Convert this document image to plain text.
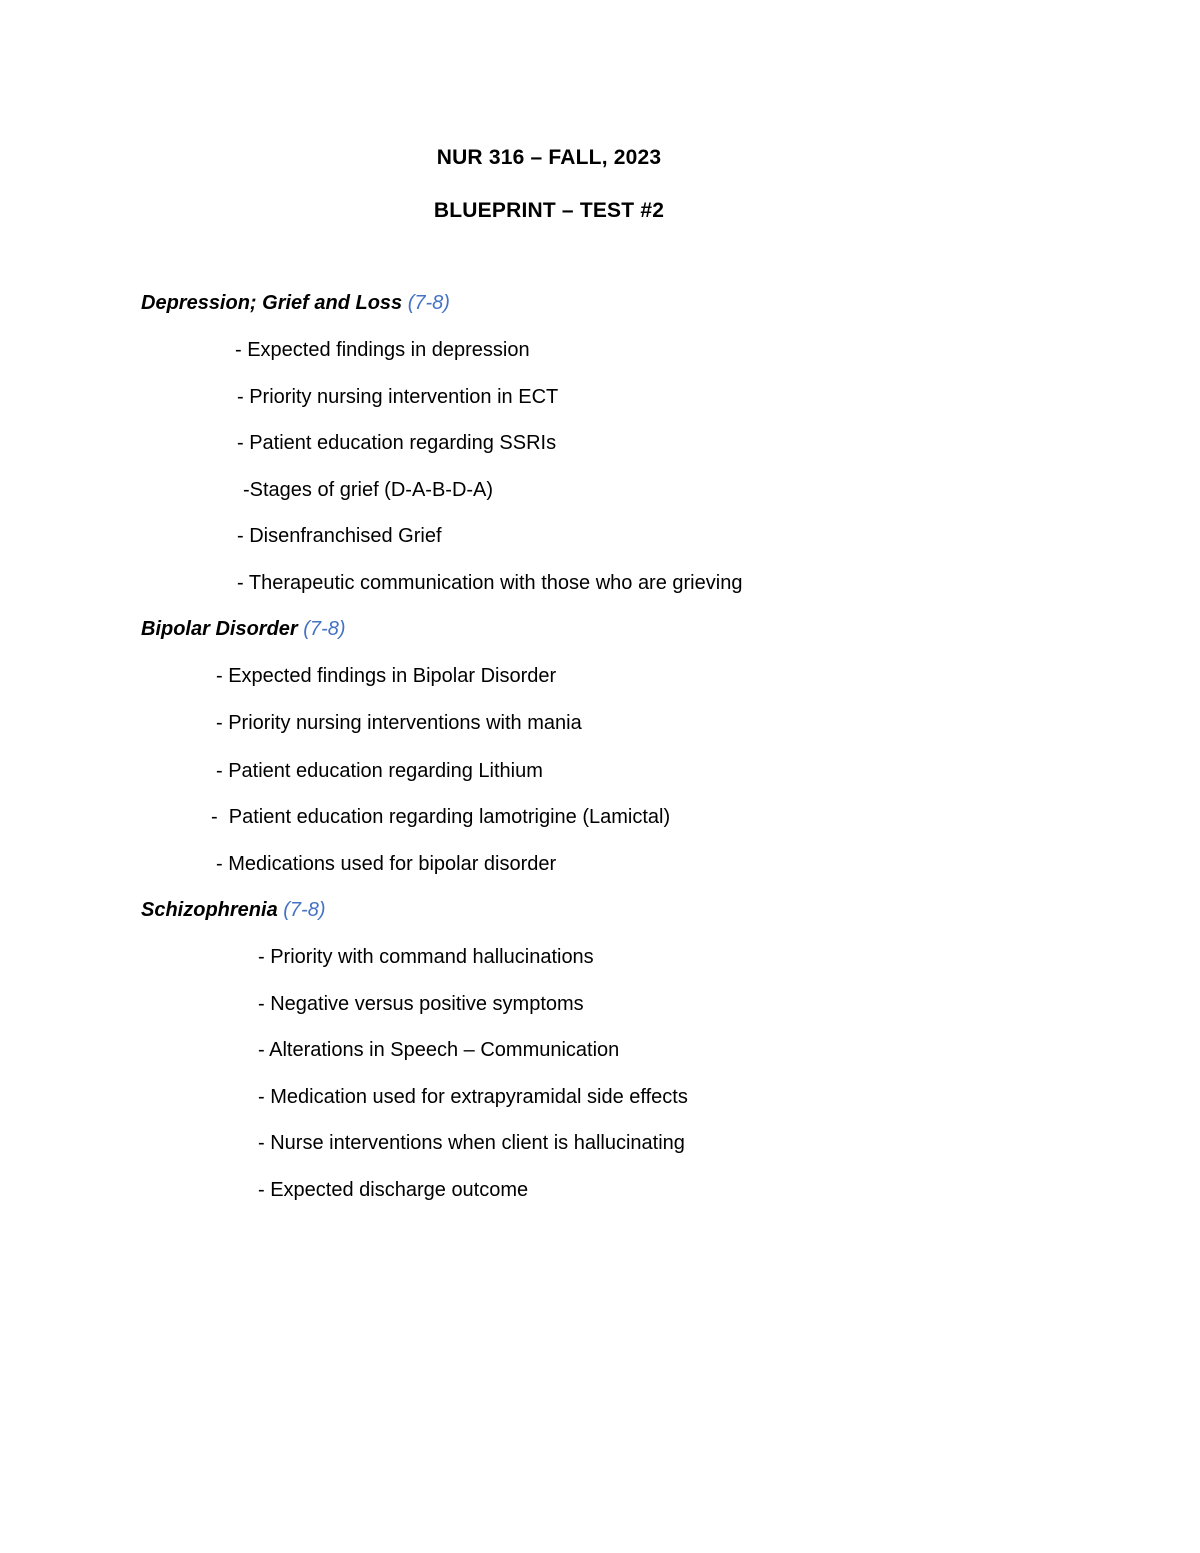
NUR 316 – FALL, 2023
BLUEPRINT – TEST #2
Depression; Grief and Loss (7-8)
- Expected findings in depression
- Priority nursing intervention in ECT
- Patient education regarding SSRIs
-Stages of grief (D-A-B-D-A)
- Disenfranchised Grief
- Therapeutic communication with those who are grieving
Bipolar Disorder (7-8)
- Expected findings in Bipolar Disorder
- Priority nursing interventions with mania
- Patient education regarding Lithium
-  Patient education regarding lamotrigine (Lamictal)
- Medications used for bipolar disorder
Schizophrenia (7-8)
- Priority with command hallucinations
- Negative versus positive symptoms
- Alterations in Speech – Communication
- Medication used for extrapyramidal side effects
- Nurse interventions when client is hallucinating
- Expected discharge outcome
